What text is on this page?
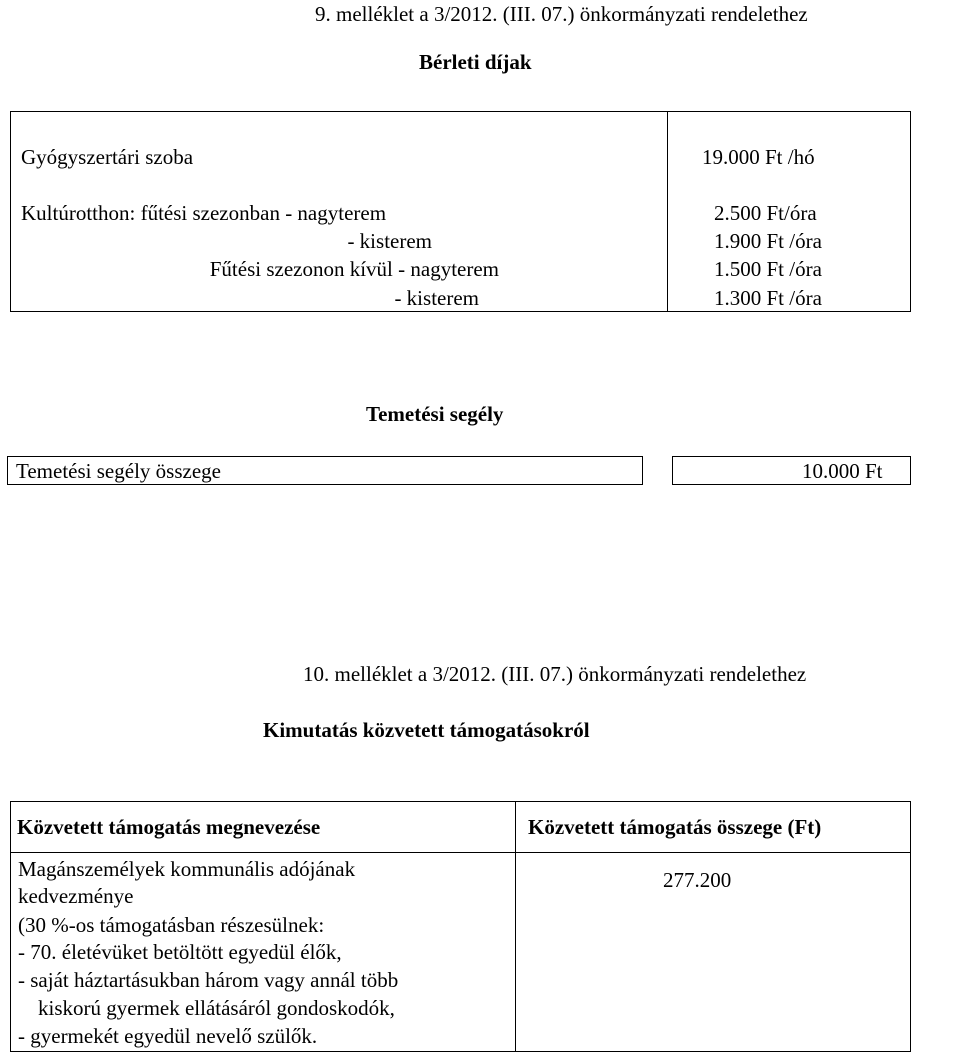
9. melléklet a 3/2012. (III. 07.) önkormányzati rendelethez
Bérleti díjak
Gyógyszertári szoba
Kultúrotthon: fűtési szezonban - nagyterem
- kisterem
Fűtési szezonon kívül - nagyterem
- kisterem
19.000 Ft /hó
2.500 Ft/óra
1.900 Ft /óra
1.500 Ft /óra
1.300 Ft /óra
Temetési segély
Temetési segély összege	10.000 Ft
10. melléklet a 3/2012. (III. 07.) önkormányzati rendelethez
Kimutatás közvetett támogatásokról
Közvetett támogatás megnevezése	Közvetett támogatás összege (Ft)
Magánszemélyek kommunális adójának
kedvezménye
(30 %-os támogatásban részesülnek:
- 70. életévüket betöltött egyedül élők,
- saját háztartásukban három vagy annál több
kiskorú gyermek ellátásáról gondoskodók,
- gyermekét egyedül nevelő szülők.
277.200
